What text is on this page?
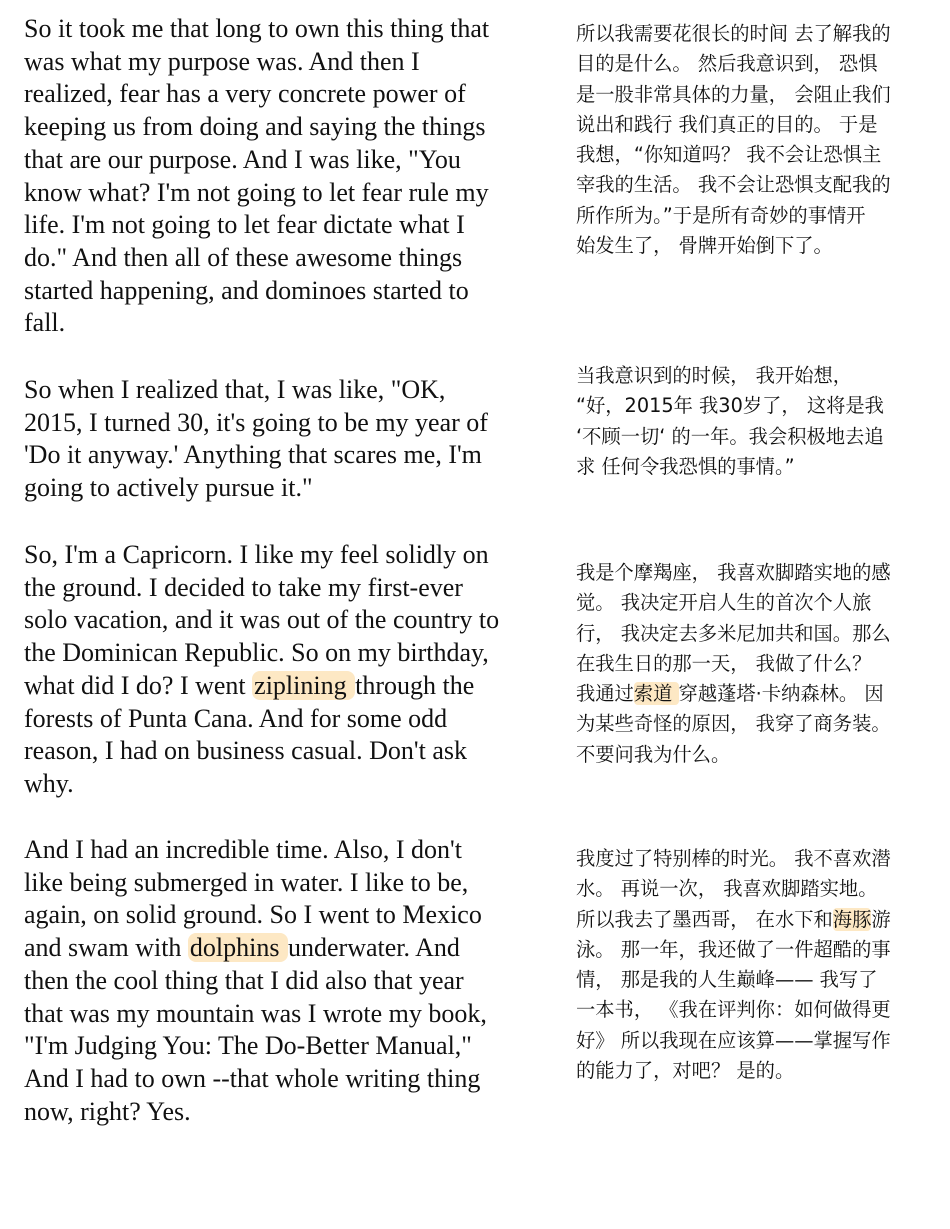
So it took me that long to own this thing that
was what my purpose was. And then I
realized, fear has a very concrete power of
keeping us from doing and saying the things
that are our purpose. And I was like, "You
know what? I'm not going to let fear rule my
life. I'm not going to let fear dictate what I
do." And then all of these awesome things
started happening, and dominoes started to
fall.

所以我需要花很长的时间 去了解我的
目的是什么。 然后我意识到， 恐惧
是一股非常具体的力量， 会阻止我们
说出和践行 我们真正的目的。 于是
我想，“你知道吗？ 我不会让恐惧主
宰我的生活。 我不会让恐惧支配我的
所作所为。”于是所有奇妙的事情开
始发生了， 骨牌开始倒下了。

So when I realized that, I was like, "OK,
2015, I turned 30, it's going to be my year of
'Do it anyway.' Anything that scares me, I'm
going to actively pursue it."

当我意识到的时候， 我开始想，
“好，2015年 我30岁了， 这将是我
‘不顾一切‘ 的一年。我会积极地去追
求 任何令我恐惧的事情。”

So, I'm a Capricorn. I like my feel solidly on
the ground. I decided to take my first-ever
solo vacation, and it was out of the country to
the Dominican Republic. So on my birthday,
what did I do? I went ziplining through the
forests of Punta Cana. And for some odd
reason, I had on business casual. Don't ask
why.

我是个摩羯座， 我喜欢脚踏实地的感
觉。 我决定开启人生的首次个人旅
行， 我决定去多米尼加共和国。那么
在我生日的那一天， 我做了什么？
我通过索道 穿越蓬塔·卡纳森林。 因
为某些奇怪的原因， 我穿了商务装。
不要问我为什么。

And I had an incredible time. Also, I don't
like being submerged in water. I like to be,
again, on solid ground. So I went to Mexico
and swam with dolphins underwater. And
then the cool thing that I did also that year
that was my mountain was I wrote my book,
"I'm Judging You: The Do-Better Manual,"
And I had to own --that whole writing thing
now, right? Yes.

我度过了特别棒的时光。 我不喜欢潜
水。 再说一次， 我喜欢脚踏实地。
所以我去了墨西哥， 在水下和海豚游
泳。 那一年，我还做了一件超酷的事
情， 那是我的人生巅峰—— 我写了
一本书， 《我在评判你：如何做得更
好》 所以我现在应该算——掌握写作
的能力了，对吧？ 是的。
